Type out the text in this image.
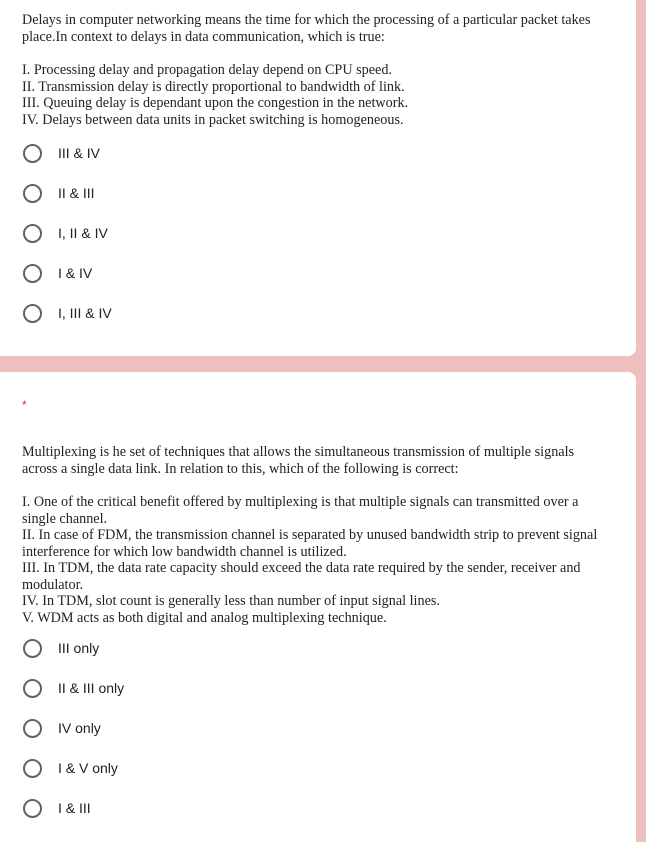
Delays in computer networking means the time for which the processing of a particular packet takes
place.In context to delays in data communication, which is true:
I. Processing delay and propagation delay depend on CPU speed.
II. Transmission delay is directly proportional to bandwidth of link.
III. Queuing delay is dependant upon the congestion in the network.
IV. Delays between data units in packet switching is homogeneous.
III & IV
II & III
I, II & IV
I & IV
I, III & IV
*
Multiplexing is he set of techniques that allows the simultaneous transmission of multiple signals
across a single data link. In relation to this, which of the following is correct:
I. One of the critical benefit offered by multiplexing is that multiple signals can transmitted over a
single channel.
II. In case of FDM, the transmission channel is separated by unused bandwidth strip to prevent signal
interference for which low bandwidth channel is utilized.
III. In TDM, the data rate capacity should exceed the data rate required by the sender, receiver and
modulator.
IV. In TDM, slot count is generally less than number of input signal lines.
V. WDM acts as both digital and analog multiplexing technique.
III only
II & III only
IV only
I & V only
I & III
